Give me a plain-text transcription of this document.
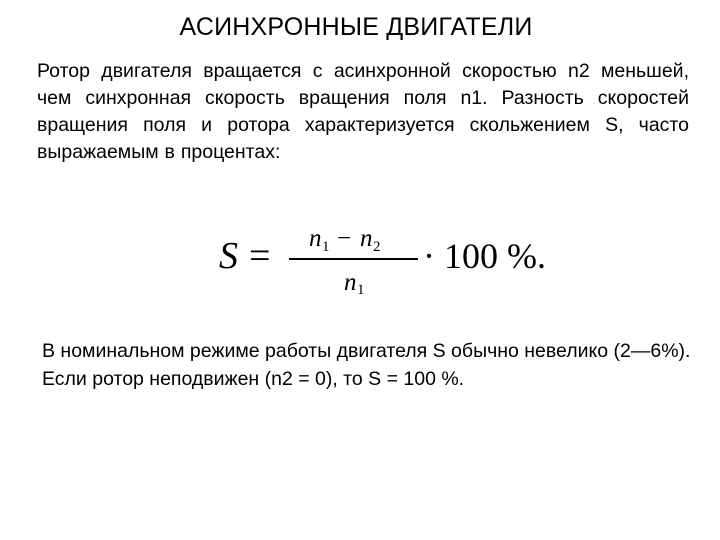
АСИНХРОННЫЕ ДВИГАТЕЛИ

Ротор двигателя вращается с асинхронной скоростью n2 меньшей, чем синхронная скорость вращения поля n1. Разность скоростей вращения поля и ротора характеризуется скольжением S, часто выражаемым в процентах:

S = n 1 − n 2
n 1
· 100 %.

В номинальном режиме работы двигателя S обычно невелико (2—6%). Если ротор неподвижен (n2 = 0), то S = 100 %.
